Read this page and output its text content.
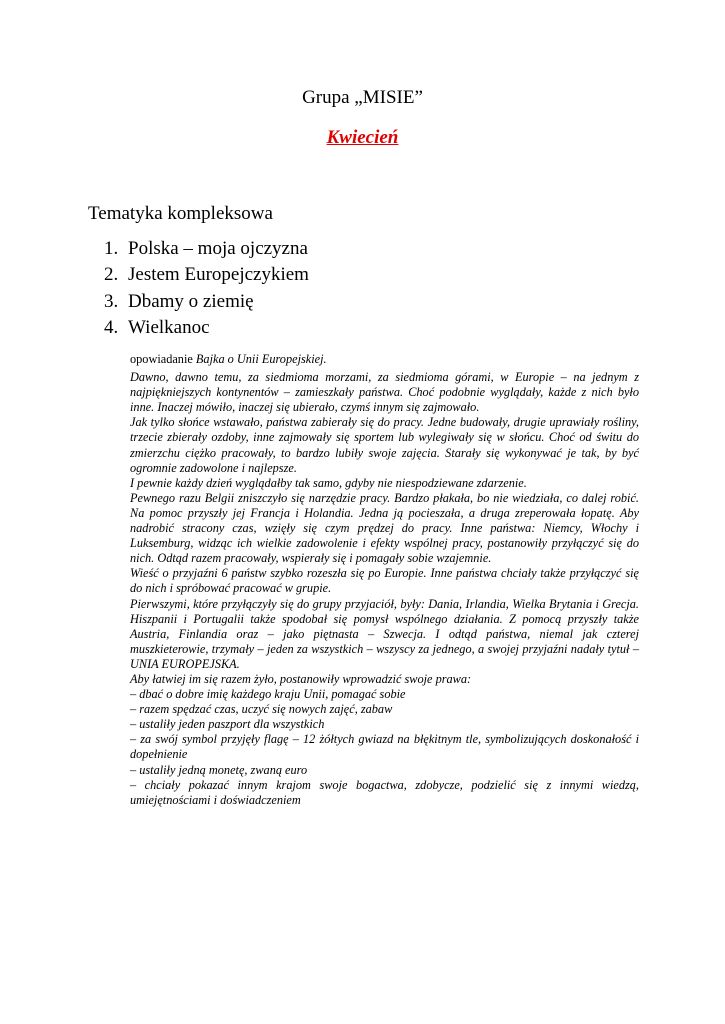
Grupa „MISIE”
Kwiecień
Tematyka kompleksowa
1. Polska – moja ojczyzna
2. Jestem Europejczykiem
3. Dbamy o ziemię
4. Wielkanoc

opowiadanie Bajka o Unii Europejskiej.

Dawno, dawno temu, za siedmioma morzami, za siedmioma górami, w Europie – na jednym z najpiękniejszych kontynentów – zamieszkały państwa. Choć podobnie wyglądały, każde z nich było inne. Inaczej mówiło, inaczej się ubierało, czymś innym się zajmowało.

Jak tylko słońce wstawało, państwa zabierały się do pracy. Jedne budowały, drugie uprawiały rośliny, trzecie zbierały ozdoby, inne zajmowały się sportem lub wylegiwały się w słońcu. Choć od świtu do zmierzchu ciężko pracowały, to bardzo lubiły swoje zajęcia. Starały się wykonywać je tak, by być ogromnie zadowolone i najlepsze.

I pewnie każdy dzień wyglądałby tak samo, gdyby nie niespodziewane zdarzenie.

Pewnego razu Belgii zniszczyło się narzędzie pracy. Bardzo płakała, bo nie wiedziała, co dalej robić. Na pomoc przyszły jej Francja i Holandia. Jedna ją pocieszała, a druga zreperowała łopatę. Aby nadrobić stracony czas, wzięły się czym prędzej do pracy. Inne państwa: Niemcy, Włochy i Luksemburg, widząc ich wielkie zadowolenie i efekty wspólnej pracy, postanowiły przyłączyć się do nich. Odtąd razem pracowały, wspierały się i pomagały sobie wzajemnie.

Wieść o przyjaźni 6 państw szybko rozeszła się po Europie. Inne państwa chciały także przyłączyć się do nich i spróbować pracować w grupie.

Pierwszymi, które przyłączyły się do grupy przyjaciół, były: Dania, Irlandia, Wielka Brytania i Grecja. Hiszpanii i Portugalii także spodobał się pomysł wspólnego działania. Z pomocą przyszły także Austria, Finlandia oraz – jako piętnasta – Szwecja. I odtąd państwa, niemal jak czterej muszkieterowie, trzymały – jeden za wszystkich – wszyscy za jednego, a swojej przyjaźni nadały tytuł – UNIA EUROPEJSKA.

Aby łatwiej im się razem żyło, postanowiły wprowadzić swoje prawa:

– dbać o dobre imię każdego kraju Unii, pomagać sobie

– razem spędzać czas, uczyć się nowych zajęć, zabaw

– ustaliły jeden paszport dla wszystkich

– za swój symbol przyjęły flagę – 12 żółtych gwiazd na błękitnym tle, symbolizujących doskonałość i dopełnienie

– ustaliły jedną monetę, zwaną euro

– chciały pokazać innym krajom swoje bogactwa, zdobycze, podzielić się z innymi wiedzą, umiejętnościami i doświadczeniem
